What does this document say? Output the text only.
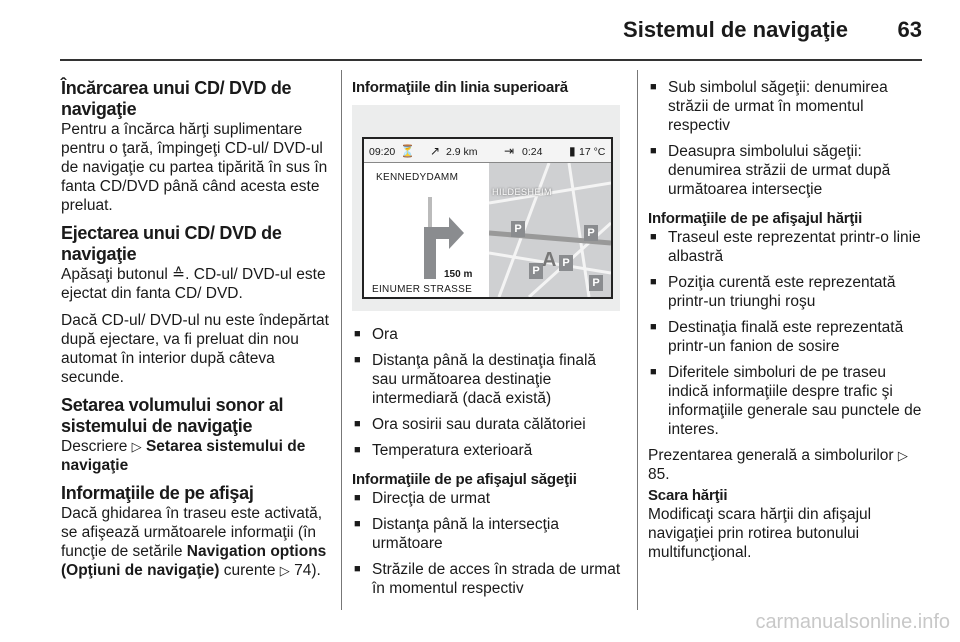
Sistemul de navigaţie 63
Încărcarea unui CD/ DVD de navigaţie

Pentru a încărca hărţi suplimentare pentru o ţară, împingeţi CD-ul/ DVD-ul de navigaţie cu partea tipărită în sus în fanta CD/DVD până când acesta este preluat.

Ejectarea unui CD/ DVD de navigaţie

Apăsaţi butonul ≙. CD-ul/ DVD-ul este ejectat din fanta CD/ DVD.

Dacă CD-ul/ DVD-ul nu este îndepărtat după ejectare, va fi preluat din nou automat în interior după câteva secunde.

Setarea volumului sonor al sistemului de navigaţie

Descriere ▷ Setarea sistemului de navigaţie

Informaţiile de pe afişaj

Dacă ghidarea în traseu este activată, se afişează următoarele informaţii (în funcţie de setările Navigation options (Opţiuni de navigaţie) curente ▷ 74).

Informaţiile din linia superioară
09:20 ⏳ ↗ 2.9 km ⇥ 0:24 ▮ 17 °C
KENNEDYDAMM
150 m
EINUMER STRASSE
P	P
P
P
P
HILDESHEIM
A
■ Ora
■ Distanţa până la destinaţia finală sau următoarea destinaţie intermediară (dacă există)
■ Ora sosirii sau durata călătoriei
■ Temperatura exterioară
Informaţiile de pe afişajul săgeţii
■ Direcţia de urmat
■ Distanţa până la intersecţia următoare
■ Străzile de acces în strada de urmat în momentul respectiv
■ Sub simbolul săgeţii: denumirea străzii de urmat în momentul respectiv
■ Deasupra simbolului săgeţii: denumirea străzii de urmat după următoarea intersecţie
Informaţiile de pe afişajul hărţii
■ Traseul este reprezentat printr-o linie albastră
■ Poziţia curentă este reprezentată printr-un triunghi roşu
■ Destinaţia finală este reprezentată printr-un fanion de sosire
■ Diferitele simboluri de pe traseu indică informaţiile despre trafic şi informaţiile generale sau punctele de interes.

Prezentarea generală a simbolurilor ▷ 85.

Scara hărţii

Modificaţi scara hărţii din afişajul navigaţiei prin rotirea butonului multifuncţional.

carmanualsonline.info
